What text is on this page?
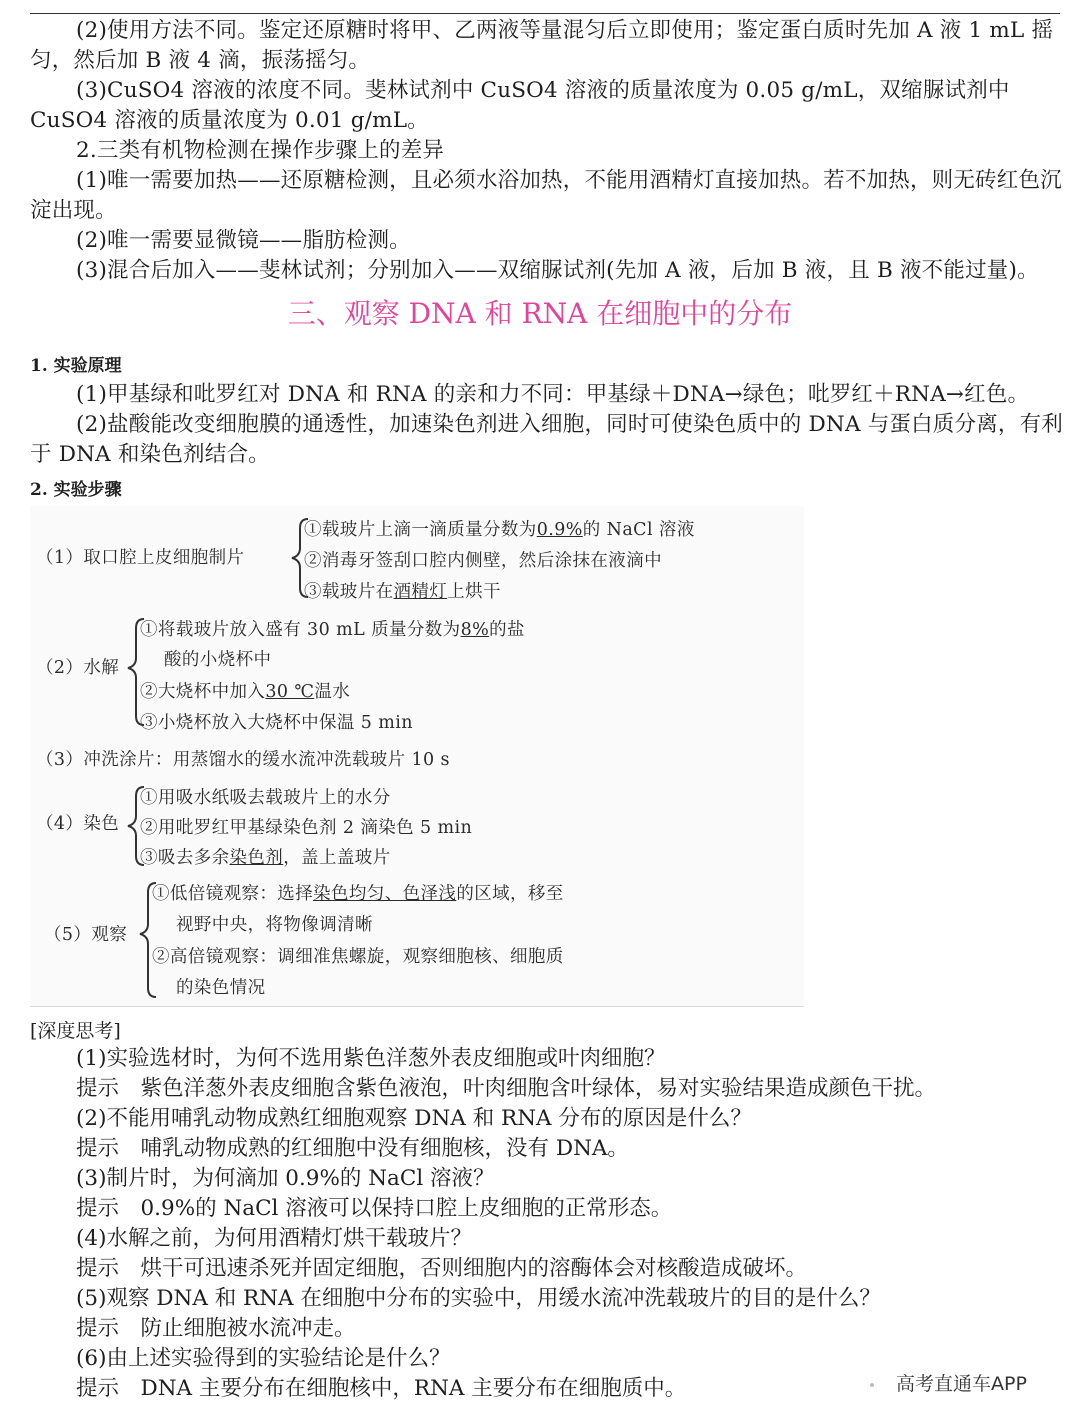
(2)使用方法不同。鉴定还原糖时将甲、乙两液等量混匀后立即使用；鉴定蛋白质时先加 A 液 1 mL 摇匀，然后加 B 液 4 滴，振荡摇匀。
(3)CuSO4 溶液的浓度不同。斐林试剂中 CuSO4 溶液的质量浓度为 0.05 g/mL，双缩脲试剂中 CuSO4 溶液的质量浓度为 0.01 g/mL。
2.三类有机物检测在操作步骤上的差异
(1)唯一需要加热——还原糖检测，且必须水浴加热，不能用酒精灯直接加热。若不加热，则无砖红色沉淀出现。
(2)唯一需要显微镜——脂肪检测。
(3)混合后加入——斐林试剂；分别加入——双缩脲试剂(先加 A 液，后加 B 液，且 B 液不能过量)。
三、观察 DNA 和 RNA 在细胞中的分布
1. 实验原理
(1)甲基绿和吡罗红对 DNA 和 RNA 的亲和力不同：甲基绿＋DNA→绿色；吡罗红＋RNA→红色。
(2)盐酸能改变细胞膜的通透性，加速染色剂进入细胞，同时可使染色质中的 DNA 与蛋白质分离，有利于 DNA 和染色剂结合。
2. 实验步骤
（1）取口腔上皮细胞制片
①载玻片上滴一滴质量分数为0.9%的 NaCl 溶液
②消毒牙签刮口腔内侧壁，然后涂抹在液滴中
③载玻片在酒精灯上烘干
（2）水解
①将载玻片放入盛有 30 mL 质量分数为8%的盐
酸的小烧杯中
②大烧杯中加入30 ℃温水
③小烧杯放入大烧杯中保温 5 min
（3）冲洗涂片：用蒸馏水的缓水流冲洗载玻片 10 s
（4）染色
①用吸水纸吸去载玻片上的水分
②用吡罗红甲基绿染色剂 2 滴染色 5 min
③吸去多余染色剂，盖上盖玻片
（5）观察
①低倍镜观察：选择染色均匀、色泽浅的区域，移至
视野中央，将物像调清晰
②高倍镜观察：调细准焦螺旋，观察细胞核、细胞质
的染色情况
[深度思考]
(1)实验选材时，为何不选用紫色洋葱外表皮细胞或叶肉细胞？
提示　紫色洋葱外表皮细胞含紫色液泡，叶肉细胞含叶绿体，易对实验结果造成颜色干扰。
(2)不能用哺乳动物成熟红细胞观察 DNA 和 RNA 分布的原因是什么？
提示　哺乳动物成熟的红细胞中没有细胞核，没有 DNA。
(3)制片时，为何滴加 0.9%的 NaCl 溶液？
提示　0.9%的 NaCl 溶液可以保持口腔上皮细胞的正常形态。
(4)水解之前，为何用酒精灯烘干载玻片？
提示　烘干可迅速杀死并固定细胞，否则细胞内的溶酶体会对核酸造成破坏。
(5)观察 DNA 和 RNA 在细胞中分布的实验中，用缓水流冲洗载玻片的目的是什么？
提示　防止细胞被水流冲走。
(6)由上述实验得到的实验结论是什么？
提示　DNA 主要分布在细胞核中，RNA 主要分布在细胞质中。	高考直通车APP
